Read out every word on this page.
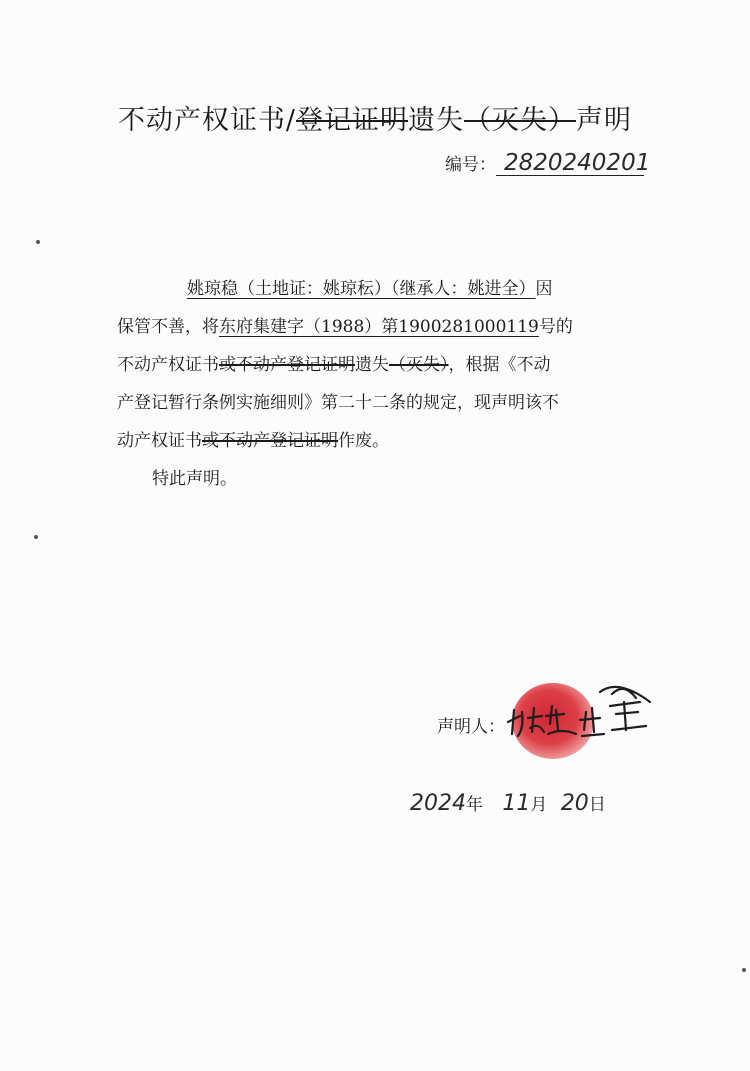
不动产权证书/登记证明遗失（灭失）声明
编号： 2820240201
姚琼稳（土地证：姚琼秐）（继承人：姚进全）因
保管不善，将东府集建字（1988）第1900281000119号的
不动产权证书或不动产登记证明遗失（灭失），根据《不动
产登记暂行条例实施细则》第二十二条的规定，现声明该不
动产权证书或不动产登记证明作废。
特此声明。
声明人：
2024年 11月 20日
